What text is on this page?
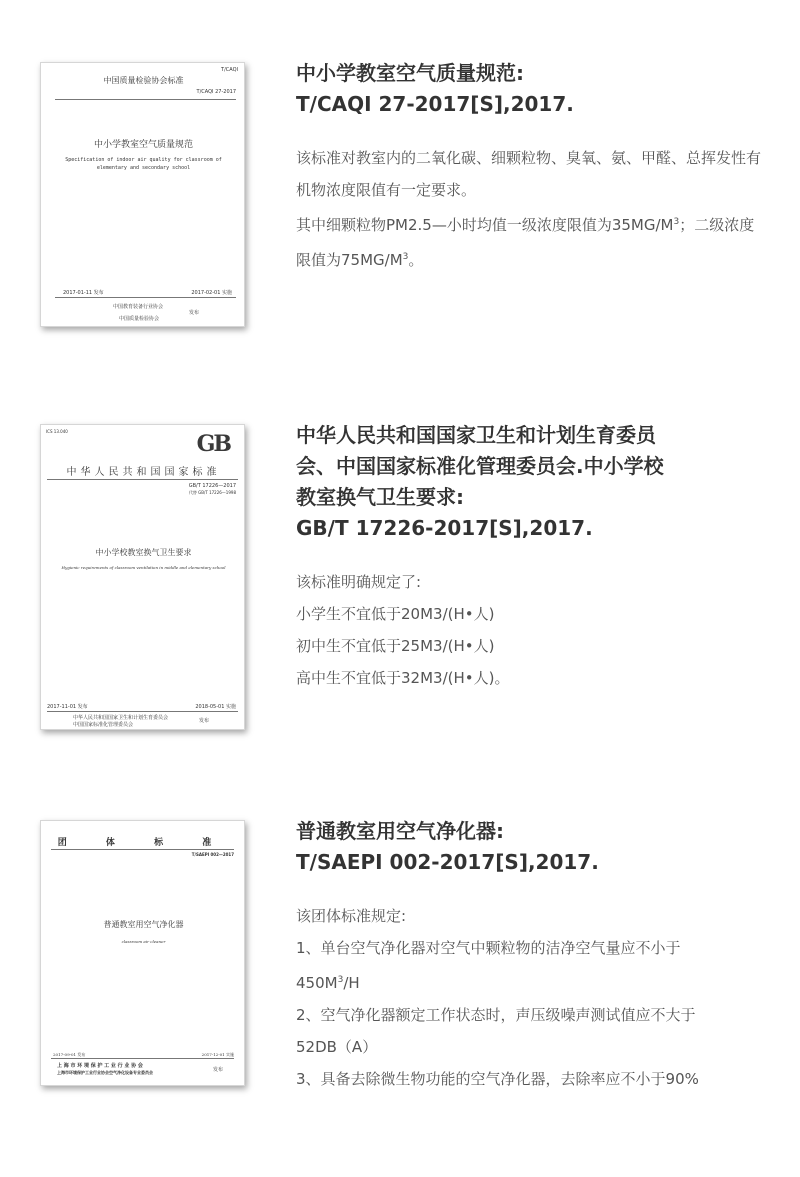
T/CAQI
中国质量检验协会标准
T/CAQI 27-2017
中小学教室空气质量规范
Specification of indoor air quality for classroom of
elementary and secondary school
2017-01-11 发布	2017-02-01 实施
中国教育装备行业协会
发布
中国质量检验协会
中小学教室空气质量规范:
T/CAQI 27-2017[S],2017.

该标准对教室内的二氧化碳、细颗粒物、臭氧、氨、甲醛、总挥发性有机物浓度限值有一定要求。

其中细颗粒物PM2.5—小时均值一级浓度限值为$35MG/M^3$；二级浓度限值为$75MG/M^3$。

ICS 13.040	GB
中华人民共和国国家标准
GB/T 17226—2017
代替 GB/T 17226—1998
中小学校教室换气卫生要求
Hygienic requirements of classroom ventilation in middle and elementary school
2017-11-01 发布	2018-05-01 实施
中华人民共和国国家卫生和计划生育委员会
中国国家标准化管理委员会
发布
中华人民共和国国家卫生和计划生育委员
会、中国国家标准化管理委员会.中小学校
教室换气卫生要求:
GB/T 17226-2017[S],2017.

该标准明确规定了:

小学生不宜低于20M3/(H•人)

初中生不宜低于25M3/(H•人)

高中生不宜低于32M3/(H•人)。

团 体 标 准
T/SAEPI 002—2017
普通教室用空气净化器
classroom air cleaner
2017-09-01 发布	2017-12-01 实施
上 海 市 环 境 保 护 工 业 行 业 协 会
上海市环境保护工业行业协会空气净化设备专业委员会	发布
普通教室用空气净化器:
T/SAEPI 002-2017[S],2017.

该团体标准规定:

1、单台空气净化器对空气中颗粒物的洁净空气量应不小于$450M^3/H$

2、空气净化器额定工作状态时，声压级噪声测试值应不大于52DB（A）

3、具备去除微生物功能的空气净化器，去除率应不小于90%
